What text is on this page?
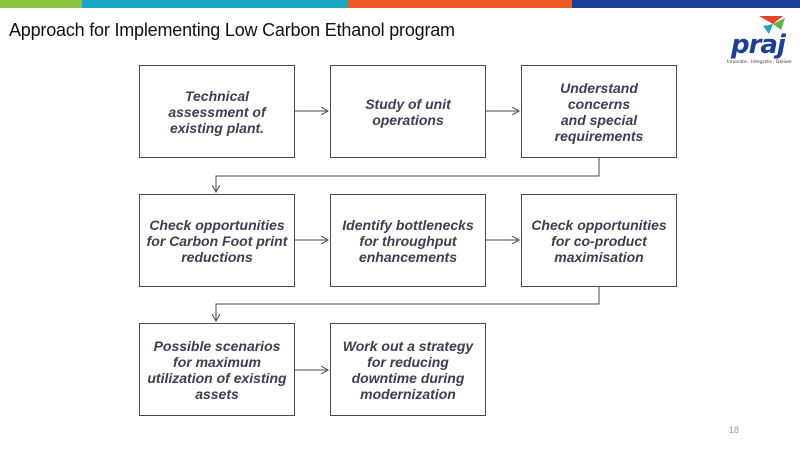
Approach for Implementing Low Carbon Ethanol program	praj
Innovate · Integrate · Deliver
Technical
assessment of
existing plant.
Study of unit
operations
Understand concerns
and special
requirements
Check opportunities
for Carbon Foot print
reductions
Identify bottlenecks
for throughput
enhancements
Check opportunities
for co-product
maximisation
Possible scenarios
for maximum
utilization of existing
assets
Work out a strategy
for reducing
downtime during
modernization
18
